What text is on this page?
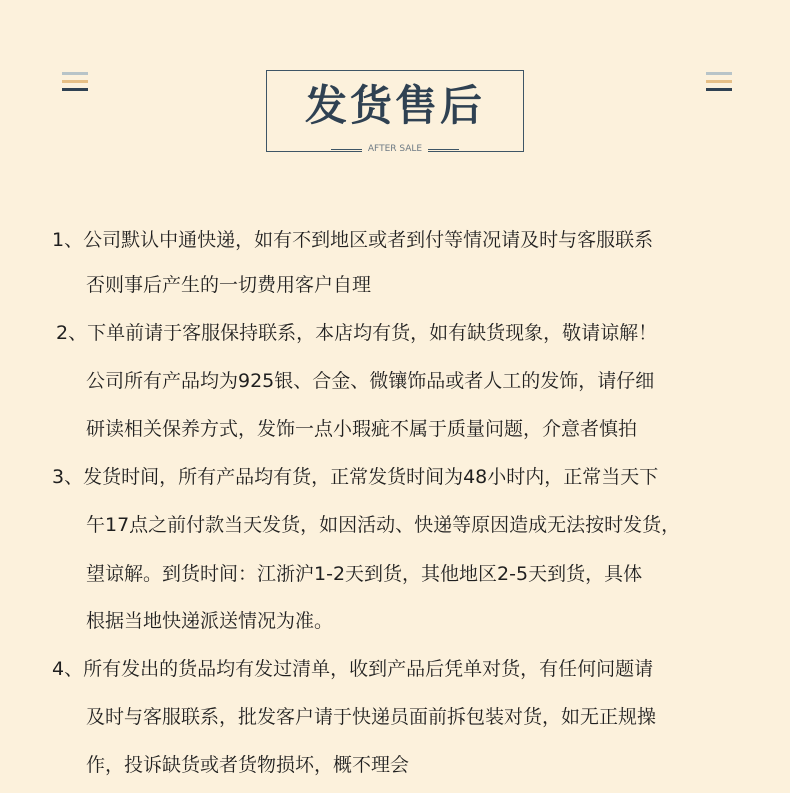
发货售后
AFTER SALE
1、公司默认中通快递，如有不到地区或者到付等情况请及时与客服联系
否则事后产生的一切费用客户自理
2、下单前请于客服保持联系，本店均有货，如有缺货现象，敬请谅解！
公司所有产品均为925银、合金、微镶饰品或者人工的发饰，请仔细
研读相关保养方式，发饰一点小瑕疵不属于质量问题，介意者慎拍
3、发货时间，所有产品均有货，正常发货时间为48小时内，正常当天下
午17点之前付款当天发货，如因活动、快递等原因造成无法按时发货，
望谅解。到货时间：江浙沪1-2天到货，其他地区2-5天到货，具体
根据当地快递派送情况为准。
4、所有发出的货品均有发过清单，收到产品后凭单对货，有任何问题请
及时与客服联系，批发客户请于快递员面前拆包装对货，如无正规操
作，投诉缺货或者货物损坏，概不理会
